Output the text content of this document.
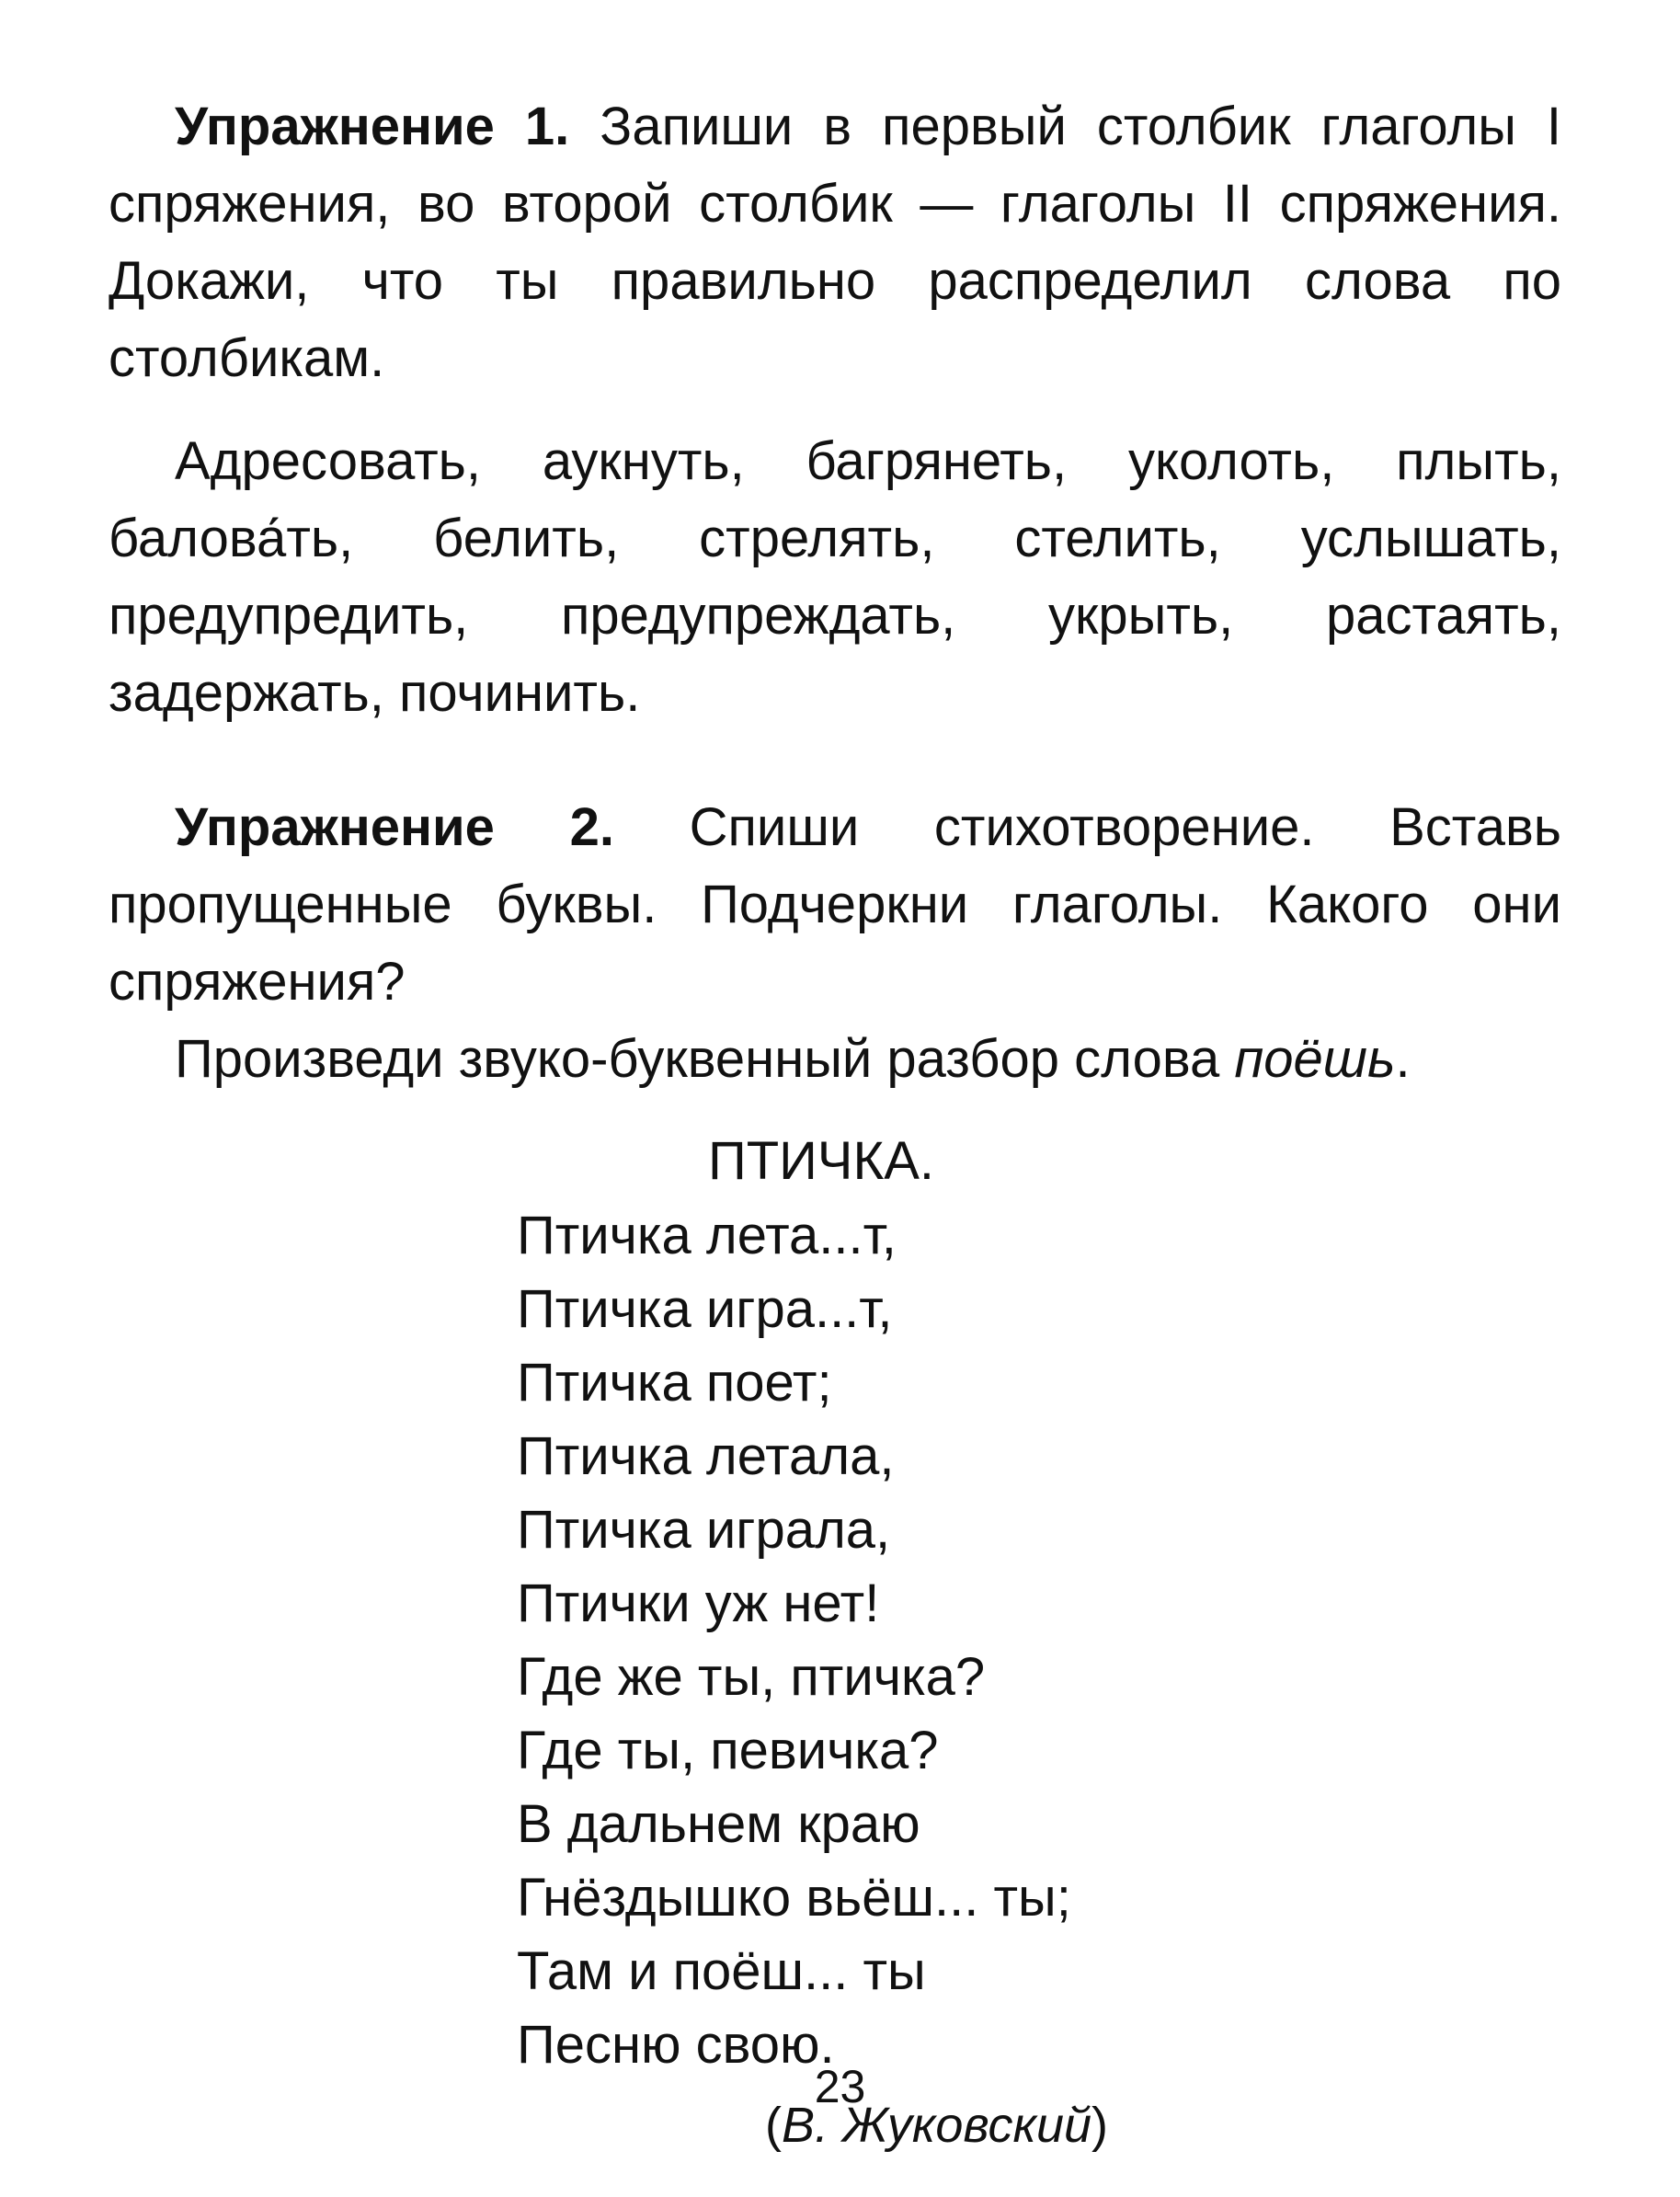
Упражнение 1. Запиши в первый столбик глаголы I спряжения, во второй столбик — глаголы II спряжения. Докажи, что ты правильно распределил слова по столбикам.

Адресовать, аукнуть, багрянеть, уколоть, плыть, балова́ть, белить, стрелять, стелить, услышать, предупредить, предупреждать, укрыть, растаять, задержать, починить.

Упражнение 2. Спиши стихотворение. Вставь пропущенные буквы. Подчеркни глаголы. Какого они спряжения?

Произведи звуко-буквенный разбор слова поёшь.

ПТИЧКА.
Птичка лета...т,
Птичка игра...т,
Птичка поет;
Птичка летала,
Птичка играла,
Птички уж нет!
Где же ты, птичка?
Где ты, певичка?
В дальнем краю
Гнёздышко вьёш... ты;
Там и поёш... ты
Песню свою.
(В. Жуковский)
23
